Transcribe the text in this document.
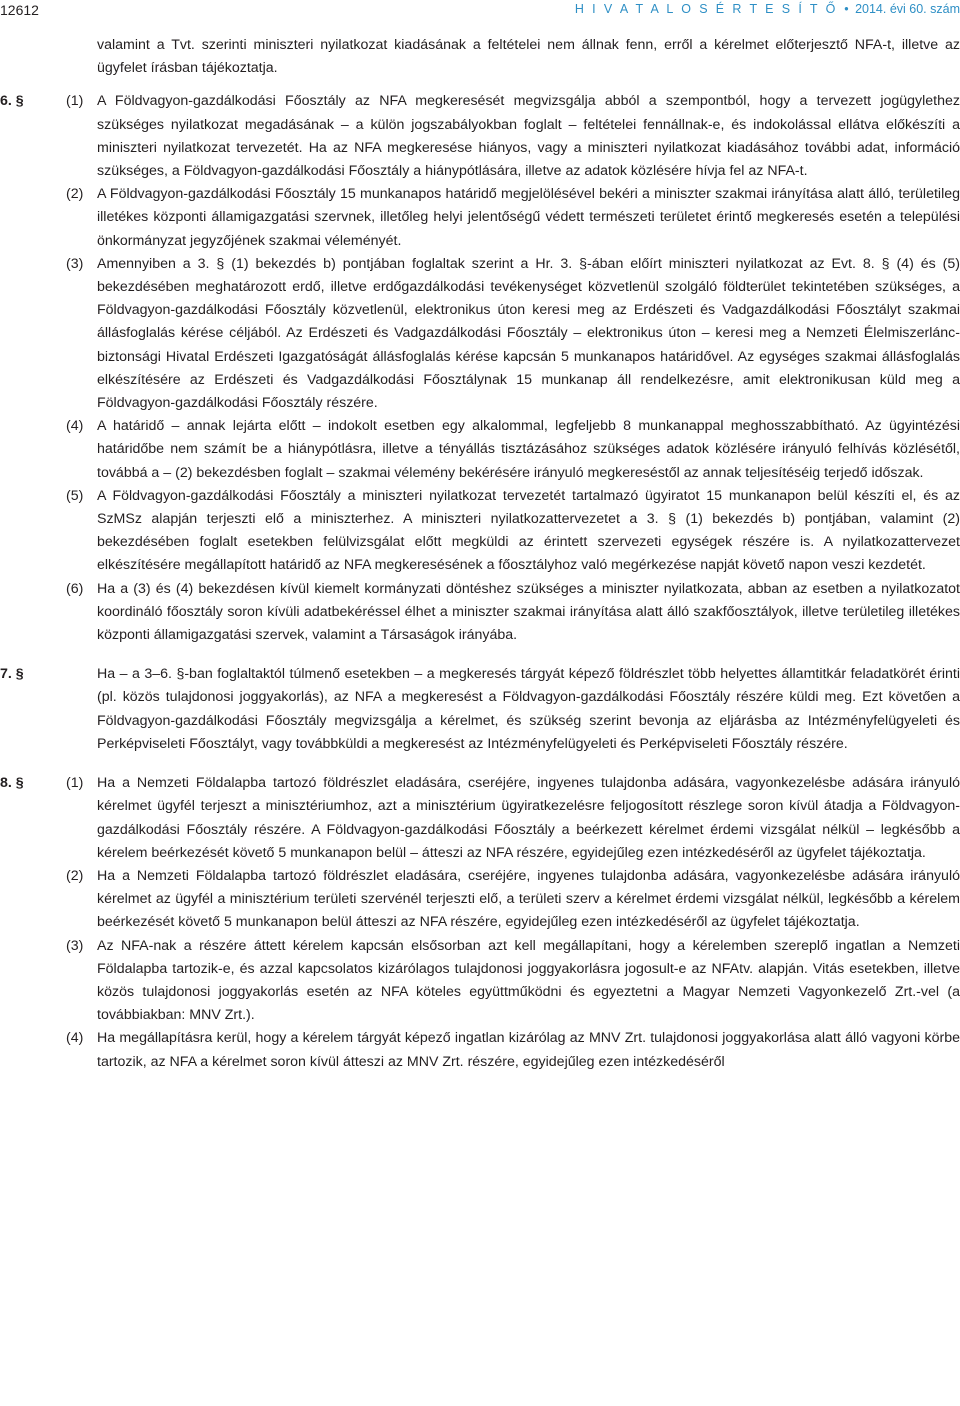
12612	H I V A T A L O S É R T E S Í T Ő • 2014. évi 60. szám

valamint a Tvt. szerinti miniszteri nyilatkozat kiadásának a feltételei nem állnak fenn, erről a kérelmet előterjesztő NFA-t, illetve az ügyfelet írásban tájékoztatja.

6. §	(1) A Földvagyon-gazdálkodási Főosztály az NFA megkeresését megvizsgálja abból a szempontból, hogy a tervezett jogügylethez szükséges nyilatkozat megadásának – a külön jogszabályokban foglalt – feltételei fennállnak-e, és indokolással ellátva előkészíti a miniszteri nyilatkozat tervezetét. Ha az NFA megkeresése hiányos, vagy a miniszteri nyilatkozat kiadásához további adat, információ szükséges, a Földvagyon-gazdálkodási Főosztály a hiánypótlására, illetve az adatok közlésére hívja fel az NFA-t.

(2) A Földvagyon-gazdálkodási Főosztály 15 munkanapos határidő megjelölésével bekéri a miniszter szakmai irányítása alatt álló, területileg illetékes központi államigazgatási szervnek, illetőleg helyi jelentőségű védett természeti területet érintő megkeresés esetén a települési önkormányzat jegyzőjének szakmai véleményét.

(3) Amennyiben a 3. § (1) bekezdés b) pontjában foglaltak szerint a Hr. 3. §-ában előírt miniszteri nyilatkozat az Evt. 8. § (4) és (5) bekezdésében meghatározott erdő, illetve erdőgazdálkodási tevékenységet közvetlenül szolgáló földterület tekintetében szükséges, a Földvagyon-gazdálkodási Főosztály közvetlenül, elektronikus úton keresi meg az Erdészeti és Vadgazdálkodási Főosztályt szakmai állásfoglalás kérése céljából. Az Erdészeti és Vadgazdálkodási Főosztály – elektronikus úton – keresi meg a Nemzeti Élelmiszerlánc-biztonsági Hivatal Erdészeti Igazgatóságát állásfoglalás kérése kapcsán 5 munkanapos határidővel. Az egységes szakmai állásfoglalás elkészítésére az Erdészeti és Vadgazdálkodási Főosztálynak 15 munkanap áll rendelkezésre, amit elektronikusan küld meg a Földvagyon-gazdálkodási Főosztály részére.

(4) A határidő – annak lejárta előtt – indokolt esetben egy alkalommal, legfeljebb 8 munkanappal meghosszabbítható. Az ügyintézési határidőbe nem számít be a hiánypótlásra, illetve a tényállás tisztázásához szükséges adatok közlésére irányuló felhívás közlésétől, továbbá a – (2) bekezdésben foglalt – szakmai vélemény bekérésére irányuló megkereséstől az annak teljesítéséig terjedő időszak.

(5) A Földvagyon-gazdálkodási Főosztály a miniszteri nyilatkozat tervezetét tartalmazó ügyiratot 15 munkanapon belül készíti el, és az SzMSz alapján terjeszti elő a miniszterhez. A miniszteri nyilatkozattervezetet a 3. § (1) bekezdés b) pontjában, valamint (2) bekezdésében foglalt esetekben felülvizsgálat előtt megküldi az érintett szervezeti egységek részére is. A nyilatkozattervezet elkészítésére megállapított határidő az NFA megkeresésének a főosztályhoz való megérkezése napját követő napon veszi kezdetét.

(6) Ha a (3) és (4) bekezdésen kívül kiemelt kormányzati döntéshez szükséges a miniszter nyilatkozata, abban az esetben a nyilatkozatot koordináló főosztály soron kívüli adatbekéréssel élhet a miniszter szakmai irányítása alatt álló szakfőosztályok, illetve területileg illetékes központi államigazgatási szervek, valamint a Társaságok irányába.

7. §	Ha – a 3–6. §-ban foglaltaktól túlmenő esetekben – a megkeresés tárgyát képező földrészlet több helyettes államtitkár feladatkörét érinti (pl. közös tulajdonosi joggyakorlás), az NFA a megkeresést a Földvagyon-gazdálkodási Főosztály részére küldi meg. Ezt követően a Földvagyon-gazdálkodási Főosztály megvizsgálja a kérelmet, és szükség szerint bevonja az eljárásba az Intézményfelügyeleti és Perképviseleti Főosztályt, vagy továbbküldi a megkeresést az Intézményfelügyeleti és Perképviseleti Főosztály részére.

8. §	(1) Ha a Nemzeti Földalapba tartozó földrészlet eladására, cseréjére, ingyenes tulajdonba adására, vagyonkezelésbe adására irányuló kérelmet ügyfél terjeszt a minisztériumhoz, azt a minisztérium ügyiratkezelésre feljogosított részlege soron kívül átadja a Földvagyon-gazdálkodási Főosztály részére. A Földvagyon-gazdálkodási Főosztály a beérkezett kérelmet érdemi vizsgálat nélkül – legkésőbb a kérelem beérkezését követő 5 munkanapon belül – átteszi az NFA részére, egyidejűleg ezen intézkedéséről az ügyfelet tájékoztatja.

(2) Ha a Nemzeti Földalapba tartozó földrészlet eladására, cseréjére, ingyenes tulajdonba adására, vagyonkezelésbe adására irányuló kérelmet az ügyfél a minisztérium területi szervénél terjeszti elő, a területi szerv a kérelmet érdemi vizsgálat nélkül, legkésőbb a kérelem beérkezését követő 5 munkanapon belül átteszi az NFA részére, egyidejűleg ezen intézkedéséről az ügyfelet tájékoztatja.

(3) Az NFA-nak a részére áttett kérelem kapcsán elsősorban azt kell megállapítani, hogy a kérelemben szereplő ingatlan a Nemzeti Földalapba tartozik-e, és azzal kapcsolatos kizárólagos tulajdonosi joggyakorlásra jogosult-e az NFAtv. alapján. Vitás esetekben, illetve közös tulajdonosi joggyakorlás esetén az NFA köteles együttműködni és egyeztetni a Magyar Nemzeti Vagyonkezelő Zrt.-vel (a továbbiakban: MNV Zrt.).

(4) Ha megállapításra kerül, hogy a kérelem tárgyát képező ingatlan kizárólag az MNV Zrt. tulajdonosi joggyakorlása alatt álló vagyoni körbe tartozik, az NFA a kérelmet soron kívül átteszi az MNV Zrt. részére, egyidejűleg ezen intézkedéséről
